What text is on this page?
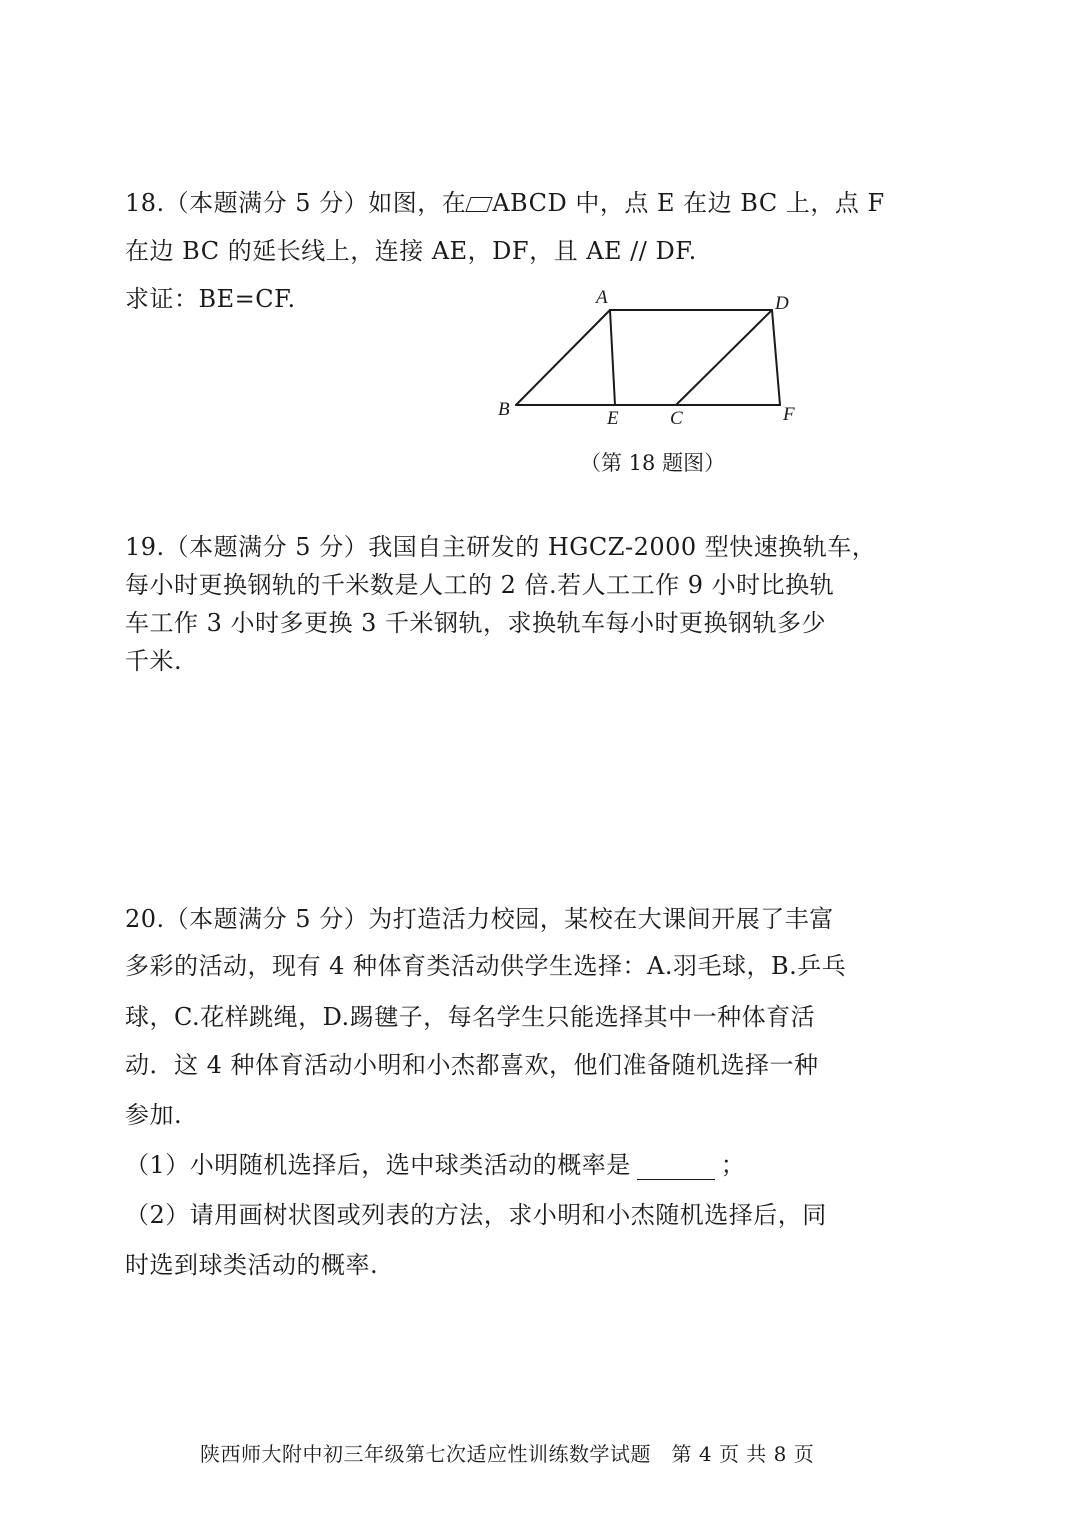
18.（本题满分 5 分）如图，在 ABCD 中，点 E 在边 BC 上，点 F
在边 BC 的延长线上，连接 AE，DF，且 AE // DF.
求证：BE=CF.	A	D
B	E	C	F
（第 18 题图）
19.（本题满分 5 分）我国自主研发的 HGCZ-2000 型快速换轨车，
每小时更换钢轨的千米数是人工的 2 倍.若人工工作 9 小时比换轨
车工作 3 小时多更换 3 千米钢轨，求换轨车每小时更换钢轨多少
千米.
20.（本题满分 5 分）为打造活力校园，某校在大课间开展了丰富
多彩的活动，现有 4 种体育类活动供学生选择：A.羽毛球，B.乒乓
球，C.花样跳绳，D.踢毽子，每名学生只能选择其中一种体育活
动．这 4 种体育活动小明和小杰都喜欢，他们准备随机选择一种
参加.
（1）小明随机选择后，选中球类活动的概率是	；
（2）请用画树状图或列表的方法，求小明和小杰随机选择后，同
时选到球类活动的概率.
陕西师大附中初三年级第七次适应性训练数学试题　第 4 页 共 8 页
